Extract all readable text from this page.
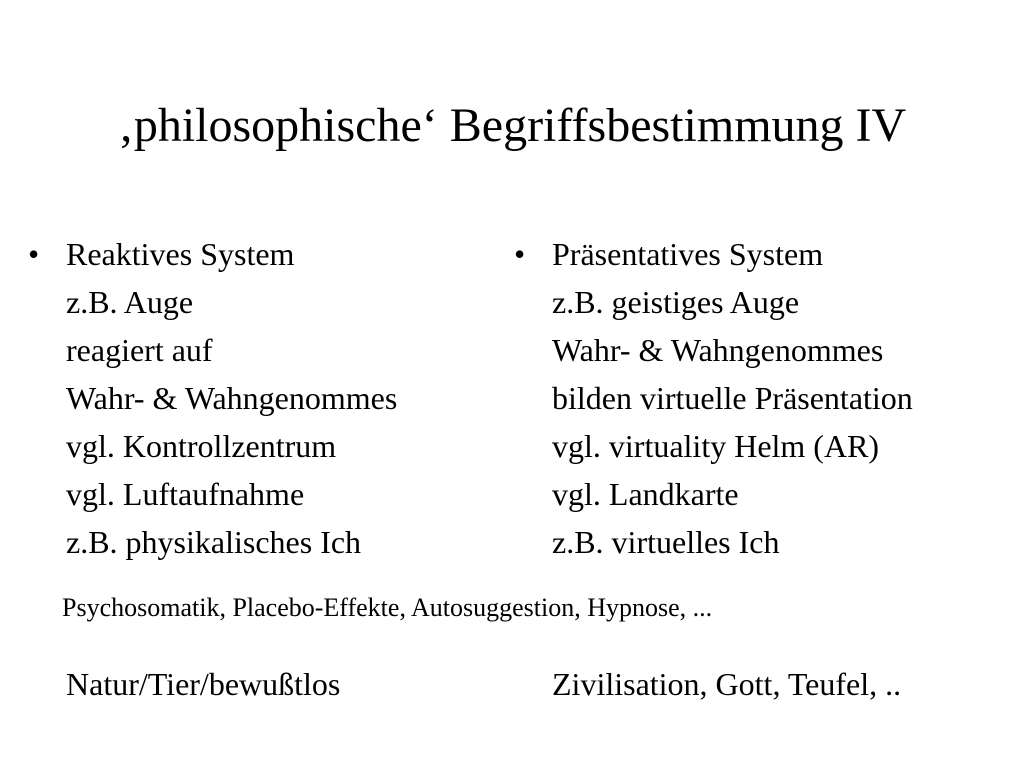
‚philosophische‘ Begriffsbestimmung IV
• Reaktives System
z.B. Auge
reagiert auf
Wahr- & Wahngenommes
vgl. Kontrollzentrum
vgl. Luftaufnahme
z.B. physikalisches Ich
• Präsentatives System
z.B. geistiges Auge
Wahr- & Wahngenommes
bilden virtuelle Präsentation
vgl. virtuality Helm (AR)
vgl. Landkarte
z.B. virtuelles Ich
Psychosomatik, Placebo-Effekte, Autosuggestion, Hypnose, ...
Natur/Tier/bewußtlos	Zivilisation, Gott, Teufel, ..
